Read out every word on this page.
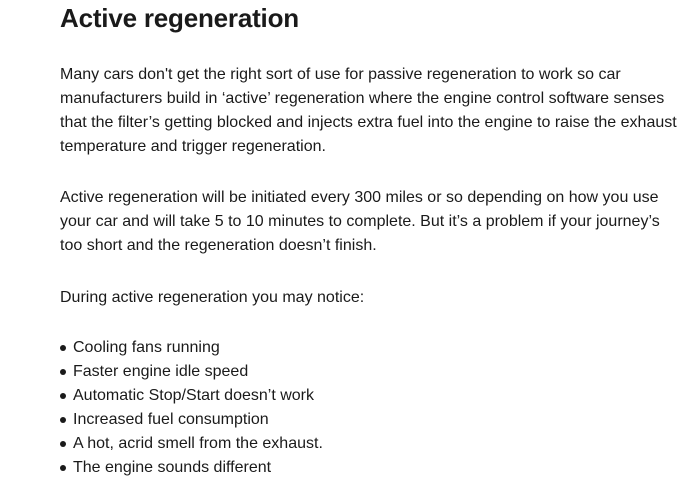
Active regeneration

Many cars don't get the right sort of use for passive regeneration to work so car manufacturers build in ‘active’ regeneration where the engine control software senses that the filter’s getting blocked and injects extra fuel into the engine to raise the exhaust temperature and trigger regeneration.

Active regeneration will be initiated every 300 miles or so depending on how you use your car and will take 5 to 10 minutes to complete. But it’s a problem if your journey’s too short and the regeneration doesn’t finish.

During active regeneration you may notice:

Cooling fans running
Faster engine idle speed
Automatic Stop/Start doesn’t work
Increased fuel consumption
A hot, acrid smell from the exhaust.
The engine sounds different
